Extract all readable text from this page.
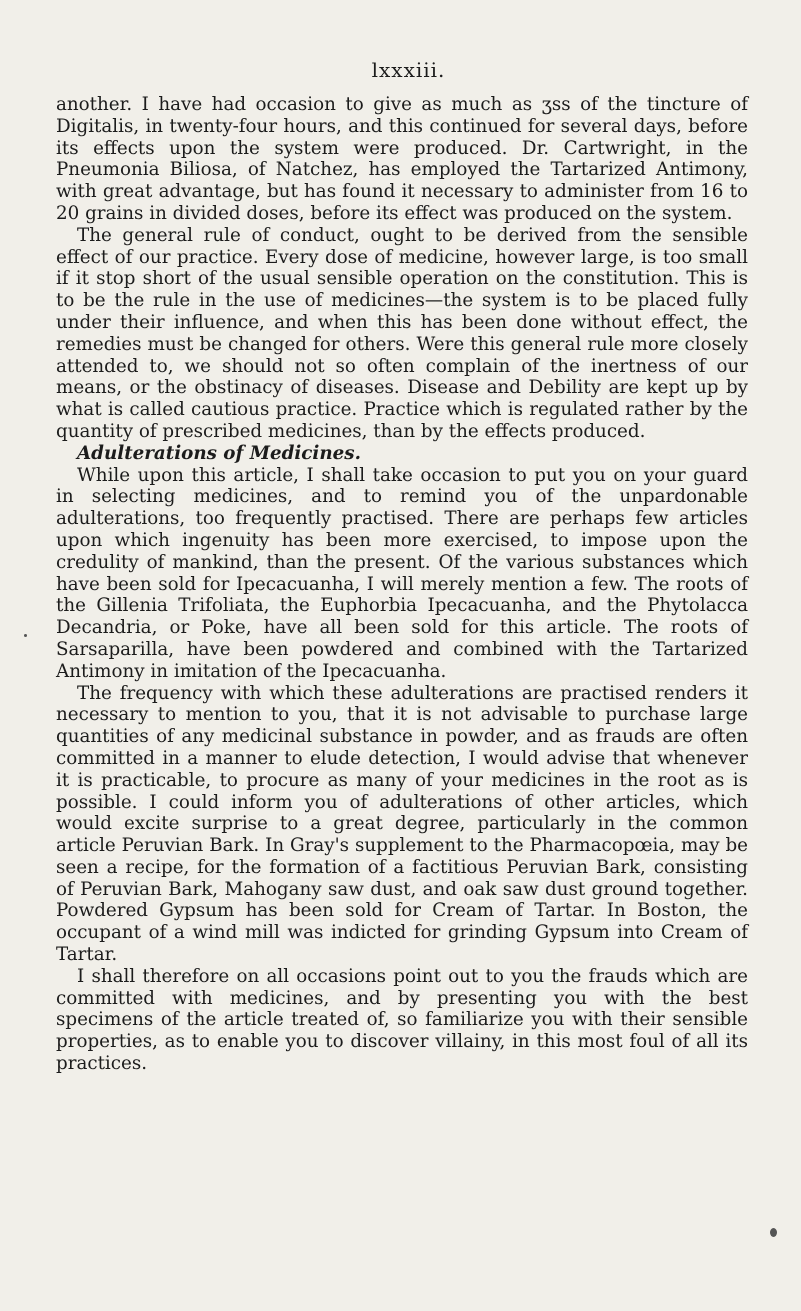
lxxxiii.

another. I have had occasion to give as much as ʒss of the tincture of Digitalis, in twenty-four hours, and this continued for several days, before its effects upon the system were produced. Dr. Cartwright, in the Pneumonia Biliosa, of Natchez, has employed the Tartarized Antimony, with great advantage, but has found it necessary to administer from 16 to 20 grains in divided doses, before its effect was produced on the system.

The general rule of conduct, ought to be derived from the sensible effect of our practice. Every dose of medicine, however large, is too small if it stop short of the usual sensible operation on the constitution. This is to be the rule in the use of medicines—the system is to be placed fully under their influence, and when this has been done without effect, the remedies must be changed for others. Were this general rule more closely attended to, we should not so often complain of the inertness of our means, or the obstinacy of diseases. Disease and Debility are kept up by what is called cautious practice. Practice which is regulated rather by the quantity of prescribed medicines, than by the effects produced.

Adulterations of Medicines.

While upon this article, I shall take occasion to put you on your guard in selecting medicines, and to remind you of the unpardonable adulterations, too frequently practised. There are perhaps few articles upon which ingenuity has been more exercised, to impose upon the credulity of mankind, than the present. Of the various substances which have been sold for Ipecacuanha, I will merely mention a few. The roots of the Gillenia Trifoliata, the Euphorbia Ipecacuanha, and the Phytolacca Decandria, or Poke, have all been sold for this article. The roots of Sarsaparilla, have been powdered and combined with the Tartarized Antimony in imitation of the Ipecacuanha.

The frequency with which these adulterations are practised renders it necessary to mention to you, that it is not advisable to purchase large quantities of any medicinal substance in powder, and as frauds are often committed in a manner to elude detection, I would advise that whenever it is practicable, to procure as many of your medicines in the root as is possible. I could inform you of adulterations of other articles, which would excite surprise to a great degree, particularly in the common article Peruvian Bark. In Gray's supplement to the Pharmacopœia, may be seen a recipe, for the formation of a factitious Peruvian Bark, consisting of Peruvian Bark, Mahogany saw dust, and oak saw dust ground together. Powdered Gypsum has been sold for Cream of Tartar. In Boston, the occupant of a wind mill was indicted for grinding Gypsum into Cream of Tartar.

I shall therefore on all occasions point out to you the frauds which are committed with medicines, and by presenting you with the best specimens of the article treated of, so familiarize you with their sensible properties, as to enable you to discover villainy, in this most foul of all its practices.
